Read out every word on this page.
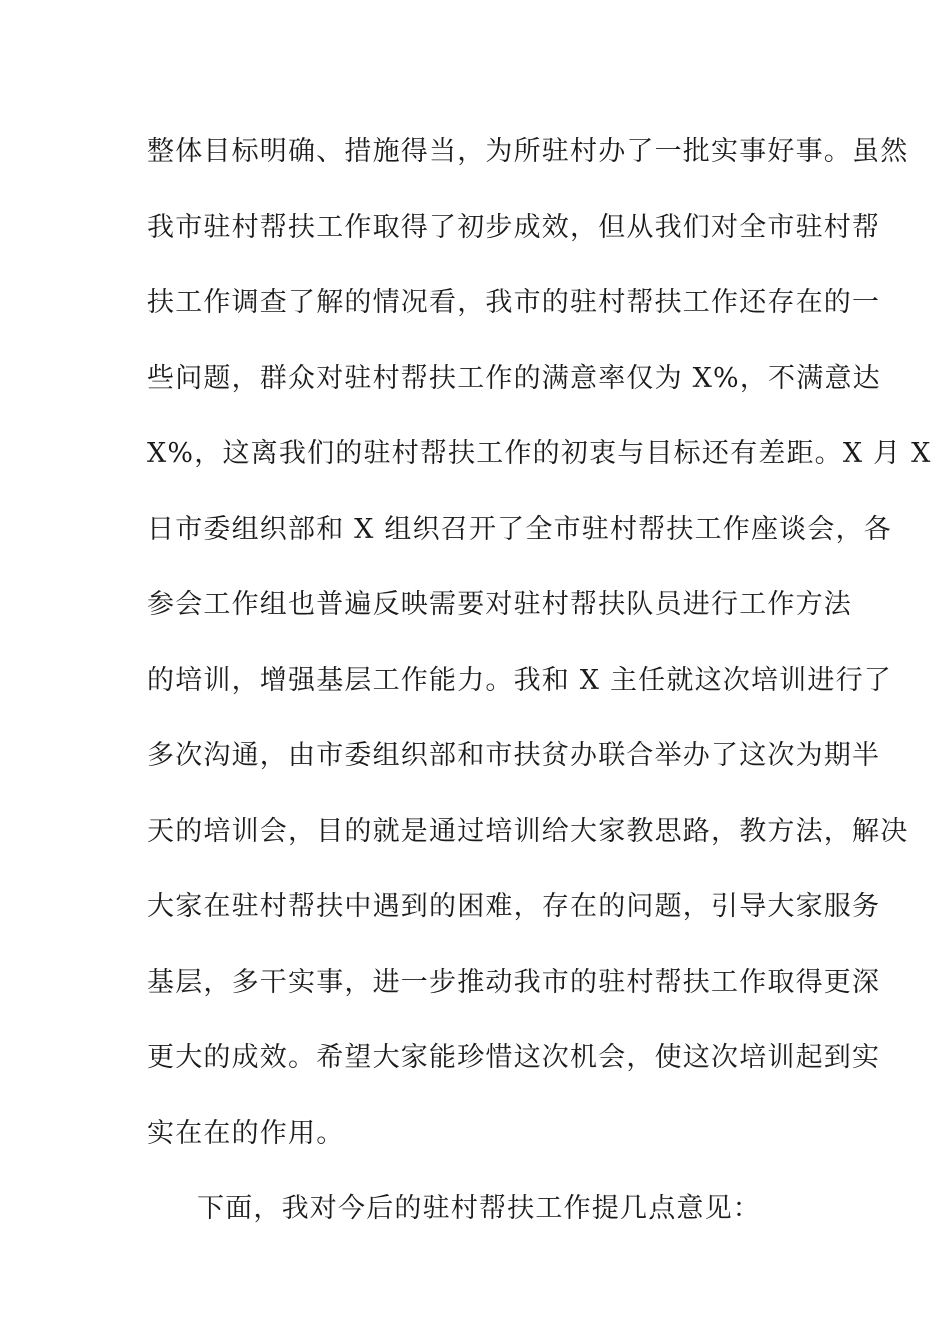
整体目标明确、措施得当，为所驻村办了一批实事好事。虽然
我市驻村帮扶工作取得了初步成效，但从我们对全市驻村帮
扶工作调查了解的情况看，我市的驻村帮扶工作还存在的一
些问题，群众对驻村帮扶工作的满意率仅为 X%，不满意达
X%，这离我们的驻村帮扶工作的初衷与目标还有差距。X 月 X
日市委组织部和 X 组织召开了全市驻村帮扶工作座谈会，各
参会工作组也普遍反映需要对驻村帮扶队员进行工作方法
的培训，增强基层工作能力。我和 X 主任就这次培训进行了
多次沟通，由市委组织部和市扶贫办联合举办了这次为期半
天的培训会，目的就是通过培训给大家教思路，教方法，解决
大家在驻村帮扶中遇到的困难，存在的问题，引导大家服务
基层，多干实事，进一步推动我市的驻村帮扶工作取得更深
更大的成效。希望大家能珍惜这次机会，使这次培训起到实
实在在的作用。
下面，我对今后的驻村帮扶工作提几点意见：
